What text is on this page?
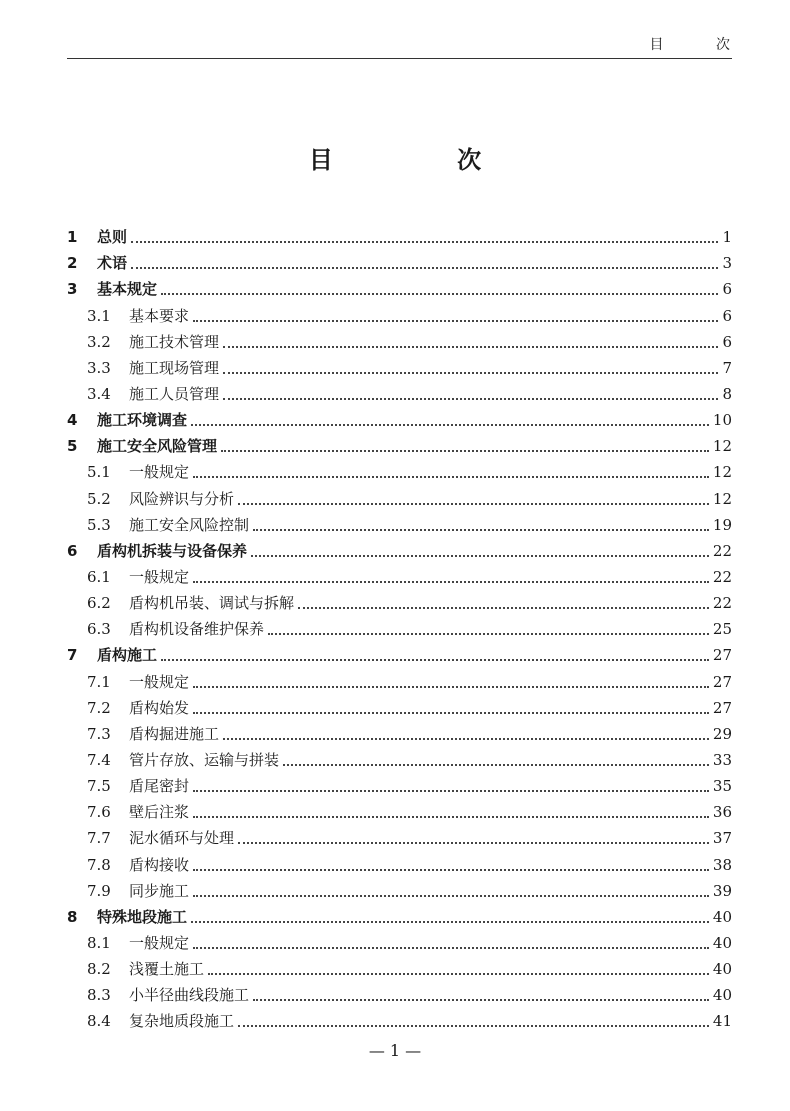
目 次
目 次
1	总则	1
2	术语	3
3	基本规定	6
3.1	基本要求	6
3.2	施工技术管理	6
3.3	施工现场管理	7
3.4	施工人员管理	8
4	施工环境调查	10
5	施工安全风险管理	12
5.1	一般规定	12
5.2	风险辨识与分析	12
5.3	施工安全风险控制	19
6	盾构机拆装与设备保养	22
6.1	一般规定	22
6.2	盾构机吊装、调试与拆解	22
6.3	盾构机设备维护保养	25
7	盾构施工	27
7.1	一般规定	27
7.2	盾构始发	27
7.3	盾构掘进施工	29
7.4	管片存放、运输与拼装	33
7.5	盾尾密封	35
7.6	壁后注浆	36
7.7	泥水循环与处理	37
7.8	盾构接收	38
7.9	同步施工	39
8	特殊地段施工	40
8.1	一般规定	40
8.2	浅覆土施工	40
8.3	小半径曲线段施工	40
8.4	复杂地质段施工	41
— 1 —
